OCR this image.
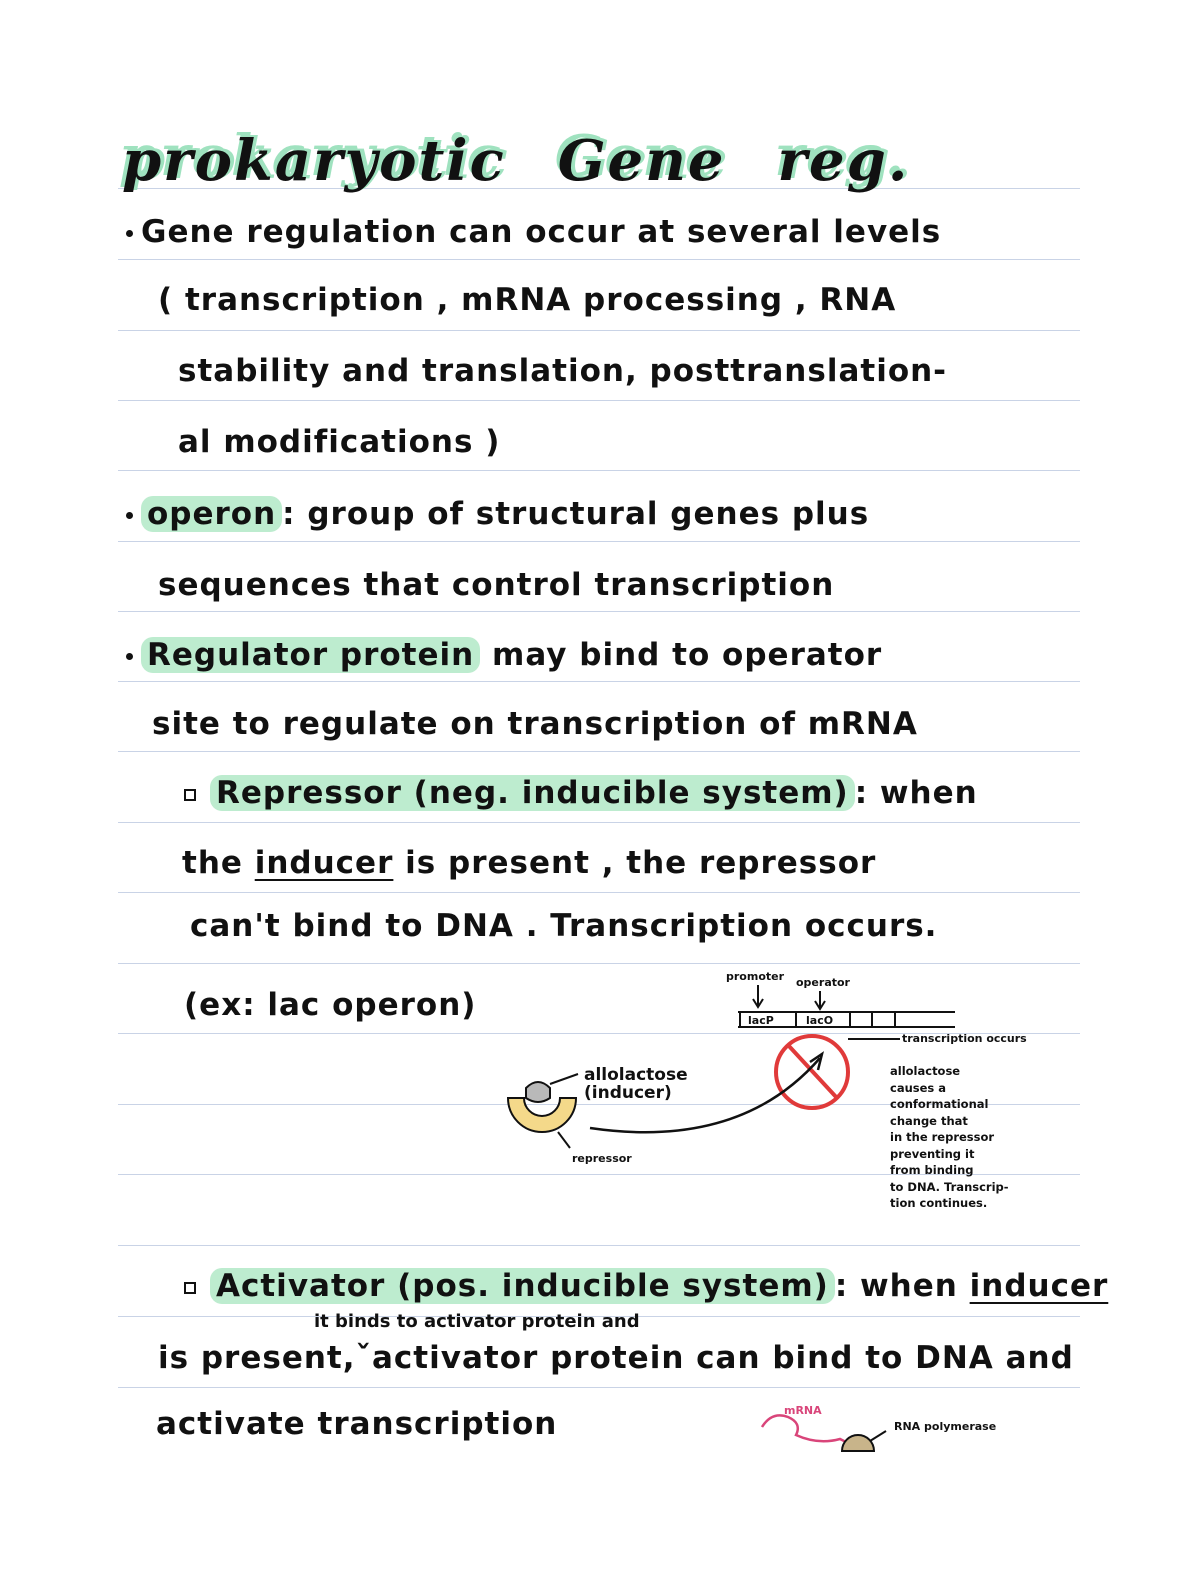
prokaryotic Gene reg.
Gene regulation can occur at several levels
( transcription , mRNA processing , RNA
stability and translation, posttranslation-
al modifications )
operon : group of structural genes plus
sequences that control transcription
Regulator protein may bind to operator
site to regulate on transcription of mRNA
Repressor (neg. inducible system) : when
the inducer is present , the repressor
can't bind to DNA . Transcription occurs.
(ex: lac operon)
promoter operator
lacP	lacO
transcription occurs
allolactose
(inducer)
repressor
allolactose
causes a
conformational
change that
in the repressor
preventing it
from binding
to DNA. Transcrip-
tion continues.
Activator (pos. inducible system) : when inducer
it binds to activator protein and
is present,ˇactivator protein can bind to DNA and
activate transcription	mRNA
RNA polymerase
